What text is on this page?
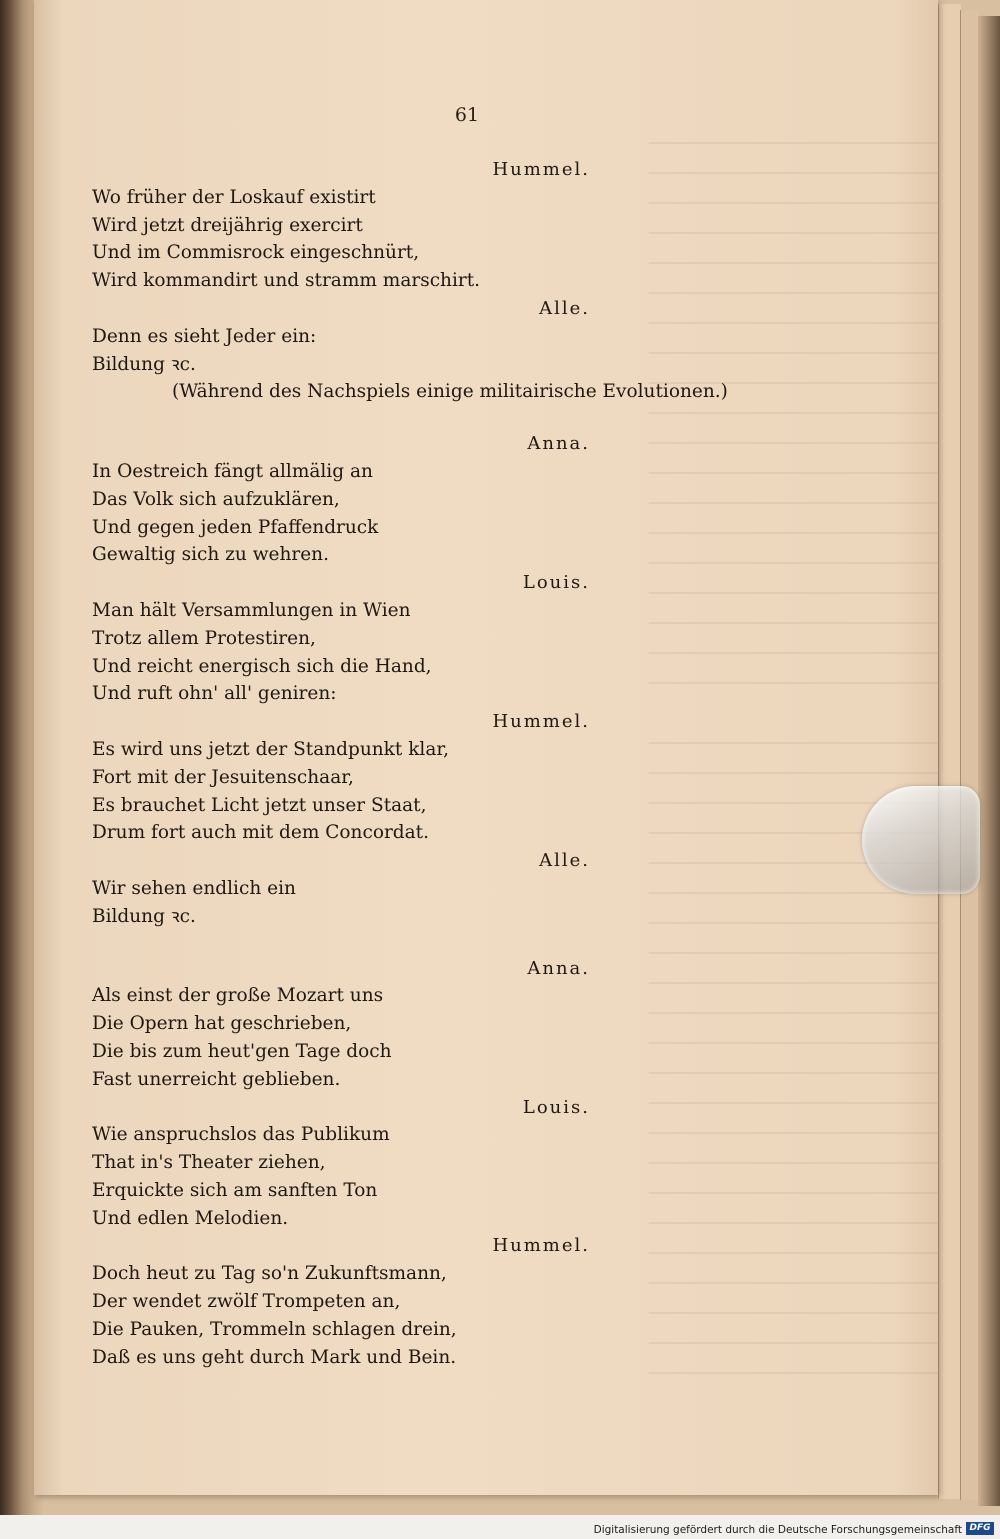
61
Hummel.
Wo früher der Loskauf existirt
Wird jetzt dreijährig exercirt
Und im Commisrock eingeschnürt,
Wird kommandirt und stramm marschirt.
Alle.
Denn es sieht Jeder ein:
Bildung ꝛc.
(Während des Nachspiels einige militairische Evolutionen.)
Anna.
In Oestreich fängt allmälig an
Das Volk sich aufzuklären,
Und gegen jeden Pfaffendruck
Gewaltig sich zu wehren.
Louis.
Man hält Versammlungen in Wien
Trotz allem Protestiren,
Und reicht energisch sich die Hand,
Und ruft ohn' all' geniren:
Hummel.
Es wird uns jetzt der Standpunkt klar,
Fort mit der Jesuitenschaar,
Es brauchet Licht jetzt unser Staat,
Drum fort auch mit dem Concordat.
Alle.
Wir sehen endlich ein
Bildung ꝛc.
Anna.
Als einst der große Mozart uns
Die Opern hat geschrieben,
Die bis zum heut'gen Tage doch
Fast unerreicht geblieben.
Louis.
Wie anspruchslos das Publikum
That in's Theater ziehen,
Erquickte sich am sanften Ton
Und edlen Melodien.
Hummel.
Doch heut zu Tag so'n Zukunftsmann,
Der wendet zwölf Trompeten an,
Die Pauken, Trommeln schlagen drein,
Daß es uns geht durch Mark und Bein.
Digitalisierung gefördert durch die Deutsche Forschungsgemeinschaft DFG
